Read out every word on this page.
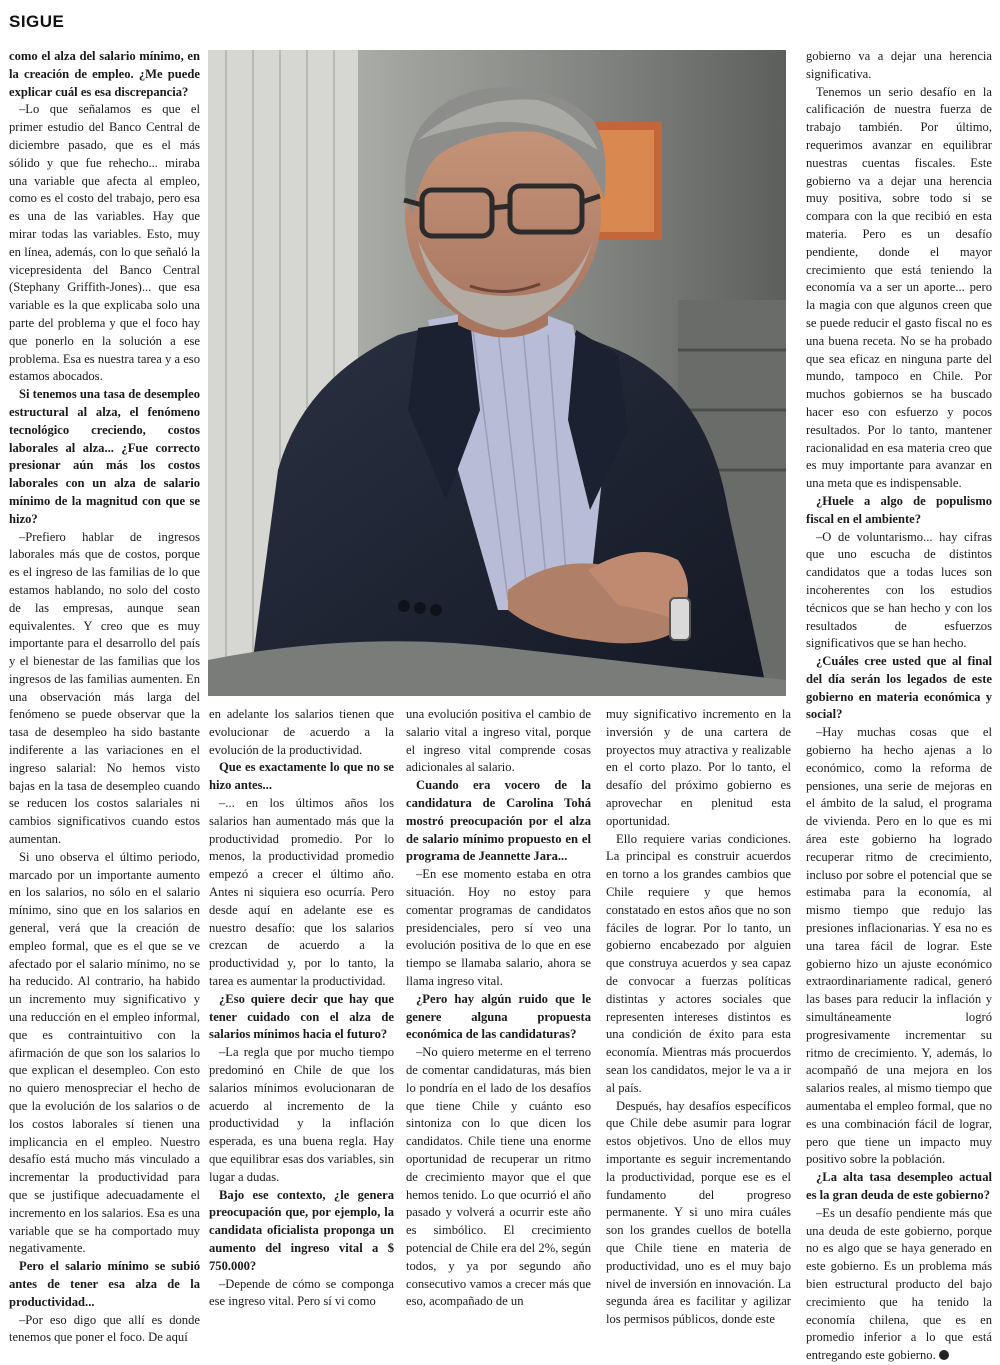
SIGUE

como el alza del salario mínimo, en la creación de empleo. ¿Me puede explicar cuál es esa discrepancia?

–Lo que señalamos es que el primer estudio del Banco Central de diciembre pasado, que es el más sólido y que fue rehecho... miraba una variable que afecta al empleo, como es el costo del trabajo, pero esa es una de las variables. Hay que mirar todas las variables. Esto, muy en línea, además, con lo que señaló la vicepresidenta del Banco Central (Stephany Griffith-Jones)... que esa variable es la que explicaba solo una parte del problema y que el foco hay que ponerlo en la solución a ese problema. Esa es nuestra tarea y a eso estamos abocados.

Si tenemos una tasa de desempleo estructural al alza, el fenómeno tecnológico creciendo, costos laborales al alza... ¿Fue correcto presionar aún más los costos laborales con un alza de salario mínimo de la magnitud con que se hizo?

–Prefiero hablar de ingresos laborales más que de costos, porque es el ingreso de las familias de lo que estamos hablando, no solo del costo de las empresas, aunque sean equivalentes. Y creo que es muy importante para el desarrollo del país y el bienestar de las familias que los ingresos de las familias aumenten. En una observación más larga del fenómeno se puede observar que la tasa de desempleo ha sido bastante indiferente a las variaciones en el ingreso salarial: No hemos visto bajas en la tasa de desempleo cuando se reducen los costos salariales ni cambios significativos cuando estos aumentan.

Si uno observa el último periodo, marcado por un importante aumento en los salarios, no sólo en el salario mínimo, sino que en los salarios en general, verá que la creación de empleo formal, que es el que se ve afectado por el salario mínimo, no se ha reducido. Al contrario, ha habido un incremento muy significativo y una reducción en el empleo informal, que es contraintuitivo con la afirmación de que son los salarios lo que explican el desempleo. Con esto no quiero menospreciar el hecho de que la evolución de los salarios o de los costos laborales sí tienen una implicancia en el empleo. Nuestro desafío está mucho más vinculado a incrementar la productividad para que se justifique adecuadamente el incremento en los salarios. Esa es una variable que se ha comportado muy negativamente.

Pero el salario mínimo se subió antes de tener esa alza de la productividad...

–Por eso digo que allí es donde tenemos que poner el foco. De aquí

en adelante los salarios tienen que evolucionar de acuerdo a la evolución de la productividad.

Que es exactamente lo que no se hizo antes...

–... en los últimos años los salarios han aumentado más que la productividad promedio. Por lo menos, la productividad promedio empezó a crecer el último año. Antes ni siquiera eso ocurría. Pero desde aquí en adelante ese es nuestro desafío: que los salarios crezcan de acuerdo a la productividad y, por lo tanto, la tarea es aumentar la productividad.

¿Eso quiere decir que hay que tener cuidado con el alza de salarios mínimos hacia el futuro?

–La regla que por mucho tiempo predominó en Chile de que los salarios mínimos evolucionaran de acuerdo al incremento de la productividad y la inflación esperada, es una buena regla. Hay que equilibrar esas dos variables, sin lugar a dudas.

Bajo ese contexto, ¿le genera preocupación que, por ejemplo, la candidata oficialista proponga un aumento del ingreso vital a $ 750.000?

–Depende de cómo se componga ese ingreso vital. Pero sí vi como

una evolución positiva el cambio de salario vital a ingreso vital, porque el ingreso vital comprende cosas adicionales al salario.

Cuando era vocero de la candidatura de Carolina Tohá mostró preocupación por el alza de salario mínimo propuesto en el programa de Jeannette Jara...

–En ese momento estaba en otra situación. Hoy no estoy para comentar programas de candidatos presidenciales, pero sí veo una evolución positiva de lo que en ese tiempo se llamaba salario, ahora se llama ingreso vital.

¿Pero hay algún ruido que le genere alguna propuesta económica de las candidaturas?

–No quiero meterme en el terreno de comentar candidaturas, más bien lo pondría en el lado de los desafíos que tiene Chile y cuánto eso sintoniza con lo que dicen los candidatos. Chile tiene una enorme oportunidad de recuperar un ritmo de crecimiento mayor que el que hemos tenido. Lo que ocurrió el año pasado y volverá a ocurrir este año es simbólico. El crecimiento potencial de Chile era del 2%, según todos, y ya por segundo año consecutivo vamos a crecer más que eso, acompañado de un

muy significativo incremento en la inversión y de una cartera de proyectos muy atractiva y realizable en el corto plazo. Por lo tanto, el desafío del próximo gobierno es aprovechar en plenitud esta oportunidad.

Ello requiere varias condiciones. La principal es construir acuerdos en torno a los grandes cambios que Chile requiere y que hemos constatado en estos años que no son fáciles de lograr. Por lo tanto, un gobierno encabezado por alguien que construya acuerdos y sea capaz de convocar a fuerzas políticas distintas y actores sociales que representen intereses distintos es una condición de éxito para esta economía. Mientras más procuerdos sean los candidatos, mejor le va a ir al país.

Después, hay desafíos específicos que Chile debe asumir para lograr estos objetivos. Uno de ellos muy importante es seguir incrementando la productividad, porque ese es el fundamento del progreso permanente. Y si uno mira cuáles son los grandes cuellos de botella que Chile tiene en materia de productividad, uno es el muy bajo nivel de inversión en innovación. La segunda área es facilitar y agilizar los permisos públicos, donde este

gobierno va a dejar una herencia significativa.

Tenemos un serio desafío en la calificación de nuestra fuerza de trabajo también. Por último, requerimos avanzar en equilibrar nuestras cuentas fiscales. Este gobierno va a dejar una herencia muy positiva, sobre todo si se compara con la que recibió en esta materia. Pero es un desafío pendiente, donde el mayor crecimiento que está teniendo la economía va a ser un aporte... pero la magia con que algunos creen que se puede reducir el gasto fiscal no es una buena receta. No se ha probado que sea eficaz en ninguna parte del mundo, tampoco en Chile. Por muchos gobiernos se ha buscado hacer eso con esfuerzo y pocos resultados. Por lo tanto, mantener racionalidad en esa materia creo que es muy importante para avanzar en una meta que es indispensable.

¿Huele a algo de populismo fiscal en el ambiente?

–O de voluntarismo... hay cifras que uno escucha de distintos candidatos que a todas luces son incoherentes con los estudios técnicos que se han hecho y con los resultados de esfuerzos significativos que se han hecho.

¿Cuáles cree usted que al final del día serán los legados de este gobierno en materia económica y social?

–Hay muchas cosas que el gobierno ha hecho ajenas a lo económico, como la reforma de pensiones, una serie de mejoras en el ámbito de la salud, el programa de vivienda. Pero en lo que es mi área este gobierno ha logrado recuperar ritmo de crecimiento, incluso por sobre el potencial que se estimaba para la economía, al mismo tiempo que redujo las presiones inflacionarias. Y esa no es una tarea fácil de lograr. Este gobierno hizo un ajuste económico extraordinariamente radical, generó las bases para reducir la inflación y simultáneamente logró progresivamente incrementar su ritmo de crecimiento. Y, además, lo acompañó de una mejora en los salarios reales, al mismo tiempo que aumentaba el empleo formal, que no es una combinación fácil de lograr, pero que tiene un impacto muy positivo sobre la población.

¿La alta tasa desempleo actual es la gran deuda de este gobierno?

–Es un desafío pendiente más que una deuda de este gobierno, porque no es algo que se haya generado en este gobierno. Es un problema más bien estructural producto del bajo crecimiento que ha tenido la economía chilena, que es en promedio inferior a lo que está entregando este gobierno.
